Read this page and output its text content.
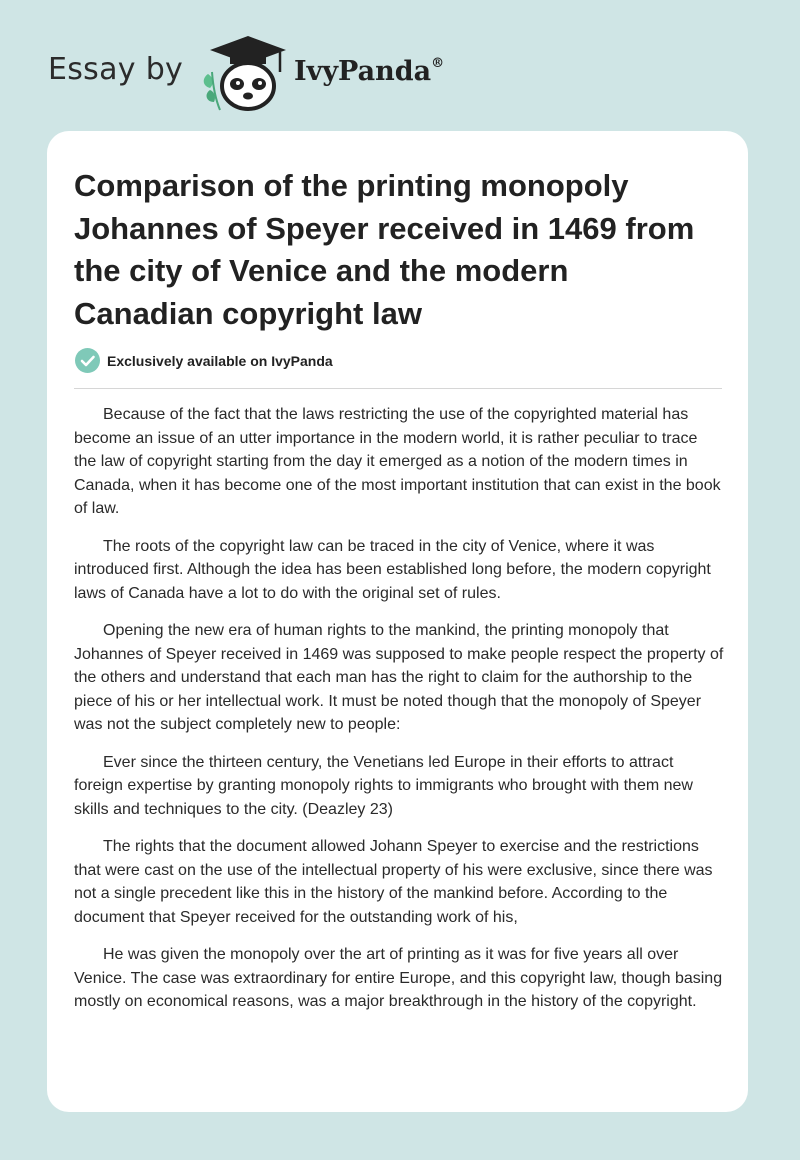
Essay by	IvyPanda®
Comparison of the printing monopoly Johannes of Speyer received in 1469 from the city of Venice and the modern Canadian copyright law
Exclusively available on IvyPanda

Because of the fact that the laws restricting the use of the copyrighted material has become an issue of an utter importance in the modern world, it is rather peculiar to trace the law of copyright starting from the day it emerged as a notion of the modern times in Canada, when it has become one of the most important institution that can exist in the book of law.

The roots of the copyright law can be traced in the city of Venice, where it was introduced first. Although the idea has been established long before, the modern copyright laws of Canada have a lot to do with the original set of rules.

Opening the new era of human rights to the mankind, the printing monopoly that Johannes of Speyer received in 1469 was supposed to make people respect the property of the others and understand that each man has the right to claim for the authorship to the piece of his or her intellectual work. It must be noted though that the monopoly of Speyer was not the subject completely new to people:

Ever since the thirteen century, the Venetians led Europe in their efforts to attract foreign expertise by granting monopoly rights to immigrants who brought with them new skills and techniques to the city. (Deazley 23)

The rights that the document allowed Johann Speyer to exercise and the restrictions that were cast on the use of the intellectual property of his were exclusive, since there was not a single precedent like this in the history of the mankind before. According to the document that Speyer received for the outstanding work of his,

He was given the monopoly over the art of printing as it was for five years all over Venice. The case was extraordinary for entire Europe, and this copyright law, though basing mostly on economical reasons, was a major breakthrough in the history of the copyright.
